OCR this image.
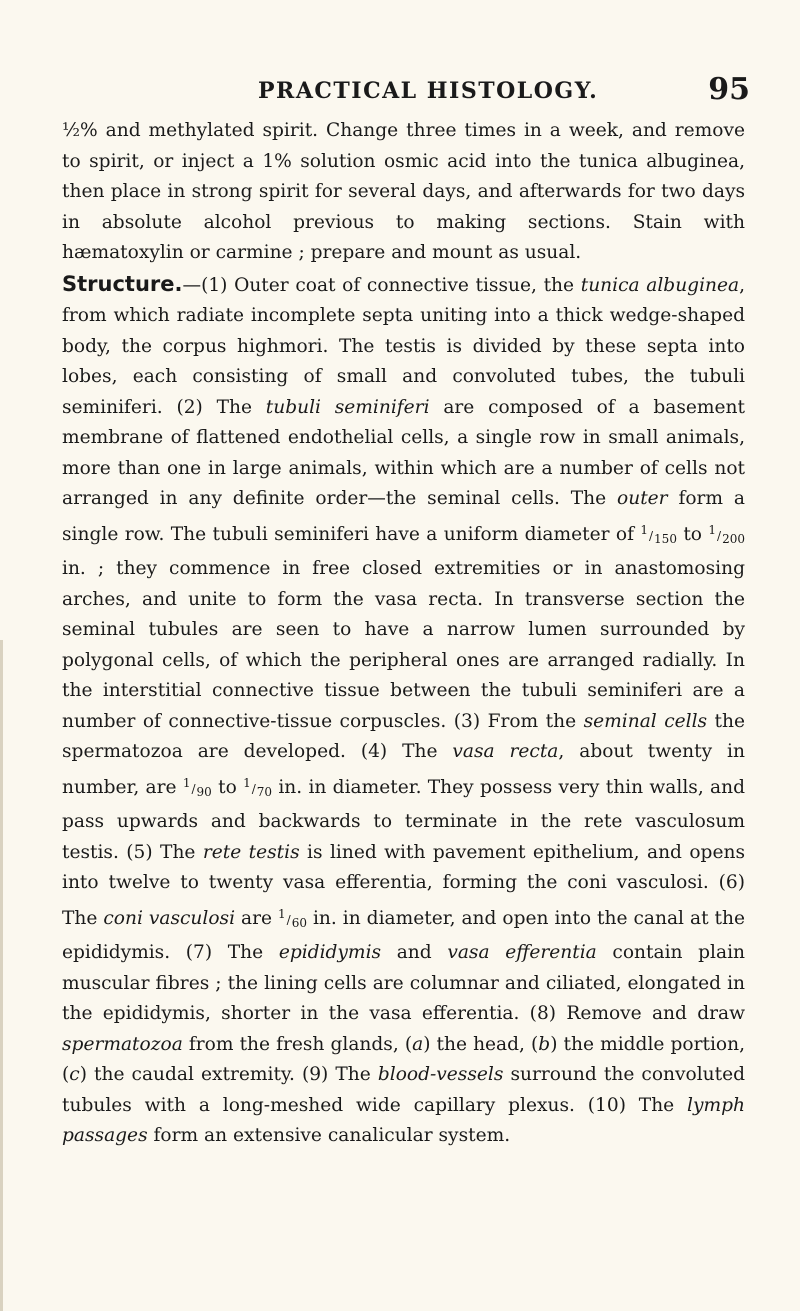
PRACTICAL HISTOLOGY.	95

½% and methylated spirit. Change three times in a week, and remove to spirit, or inject a 1% solution osmic acid into the tunica albuginea, then place in strong spirit for several days, and afterwards for two days in absolute alcohol previous to making sections. Stain with hæmatoxylin or carmine ; prepare and mount as usual.

Structure.—(1) Outer coat of connective tissue, the tunica albuginea, from which radiate incomplete septa uniting into a thick wedge-shaped body, the corpus highmori. The testis is divided by these septa into lobes, each consisting of small and convoluted tubes, the tubuli seminiferi. (2) The tubuli seminiferi are composed of a basement membrane of flattened endothelial cells, a single row in small animals, more than one in large animals, within which are a number of cells not arranged in any definite order—the seminal cells. The outer form a single row. The tubuli seminiferi have a uniform diameter of 1/150 to 1/200 in. ; they commence in free closed extremities or in anastomosing arches, and unite to form the vasa recta. In transverse section the seminal tubules are seen to have a narrow lumen surrounded by polygonal cells, of which the peripheral ones are arranged radially. In the interstitial connective tissue between the tubuli seminiferi are a number of connective-tissue corpuscles. (3) From the seminal cells the spermatozoa are developed. (4) The vasa recta, about twenty in number, are 1/90 to 1/70 in. in diameter. They possess very thin walls, and pass upwards and backwards to terminate in the rete vasculosum testis. (5) The rete testis is lined with pavement epithelium, and opens into twelve to twenty vasa efferentia, forming the coni vasculosi. (6) The coni vasculosi are 1/60 in. in diameter, and open into the canal at the epididymis. (7) The epididymis and vasa efferentia contain plain muscular fibres ; the lining cells are columnar and ciliated, elongated in the epididymis, shorter in the vasa efferentia. (8) Remove and draw spermatozoa from the fresh glands, (a) the head, (b) the middle portion, (c) the caudal extremity. (9) The blood-vessels surround the convoluted tubules with a long-meshed wide capillary plexus. (10) The lymph passages form an extensive canalicular system.
